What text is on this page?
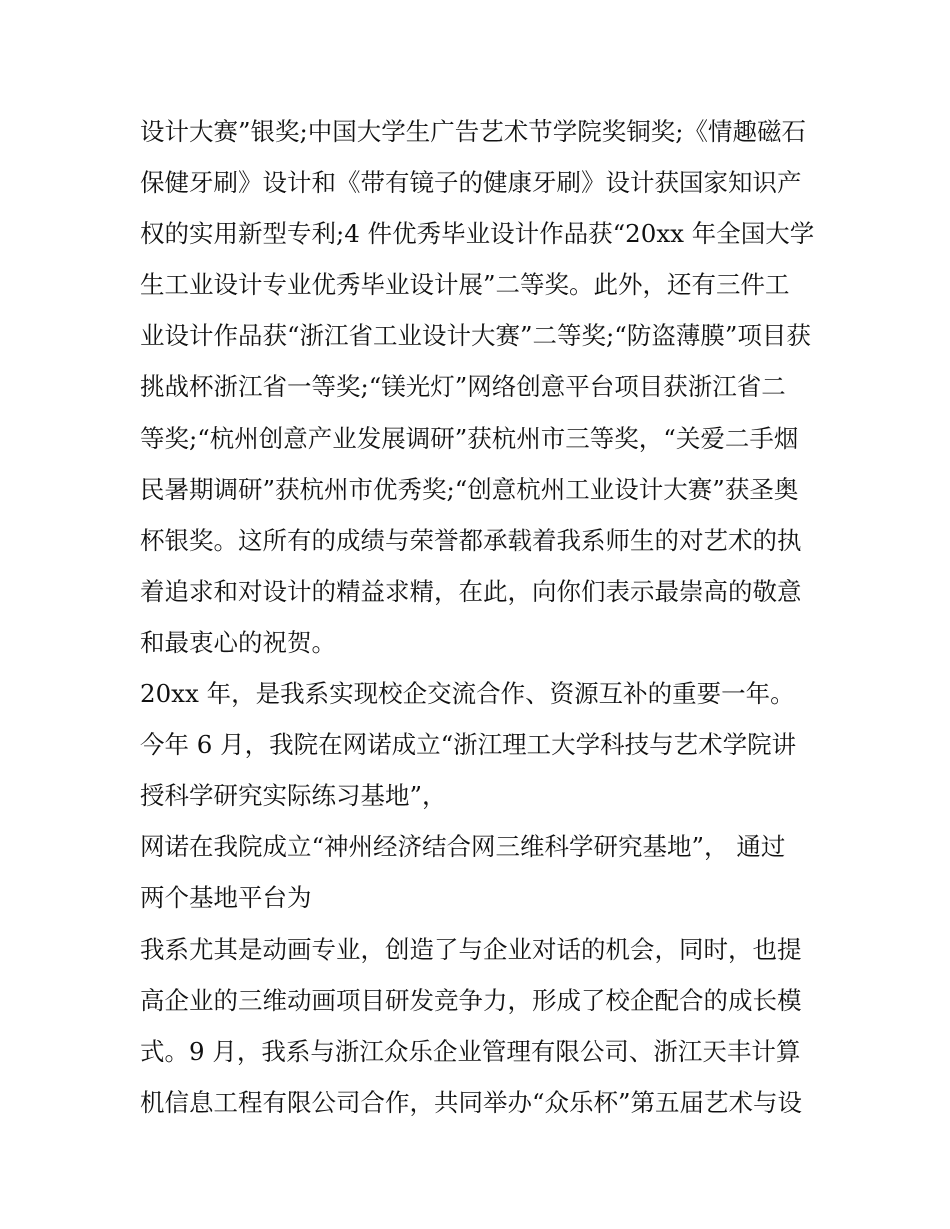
设计大赛”银奖;中国大学生广告艺术节学院奖铜奖;《情趣磁石
保健牙刷》设计和《带有镜子的健康牙刷》设计获国家知识产
权的实用新型专利;4 件优秀毕业设计作品获“20xx 年全国大学
生工业设计专业优秀毕业设计展”二等奖。此外，还有三件工
业设计作品获“浙江省工业设计大赛”二等奖;“防盗薄膜”项目获
挑战杯浙江省一等奖;“镁光灯”网络创意平台项目获浙江省二
等奖;“杭州创意产业发展调研”获杭州市三等奖，“关爱二手烟
民暑期调研”获杭州市优秀奖;“创意杭州工业设计大赛”获圣奥
杯银奖。这所有的成绩与荣誉都承载着我系师生的对艺术的执
着追求和对设计的精益求精，在此，向你们表示最崇高的敬意
和最衷心的祝贺。
20xx 年，是我系实现校企交流合作、资源互补的重要一年。
今年 6 月，我院在网诺成立“浙江理工大学科技与艺术学院讲
授科学研究实际练习基地”，
网诺在我院成立“神州经济结合网三维科学研究基地”， 通过
两个基地平台为
我系尤其是动画专业，创造了与企业对话的机会，同时，也提
高企业的三维动画项目研发竞争力，形成了校企配合的成长模
式。9 月，我系与浙江众乐企业管理有限公司、浙江天丰计算
机信息工程有限公司合作，共同举办“众乐杯”第五届艺术与设
